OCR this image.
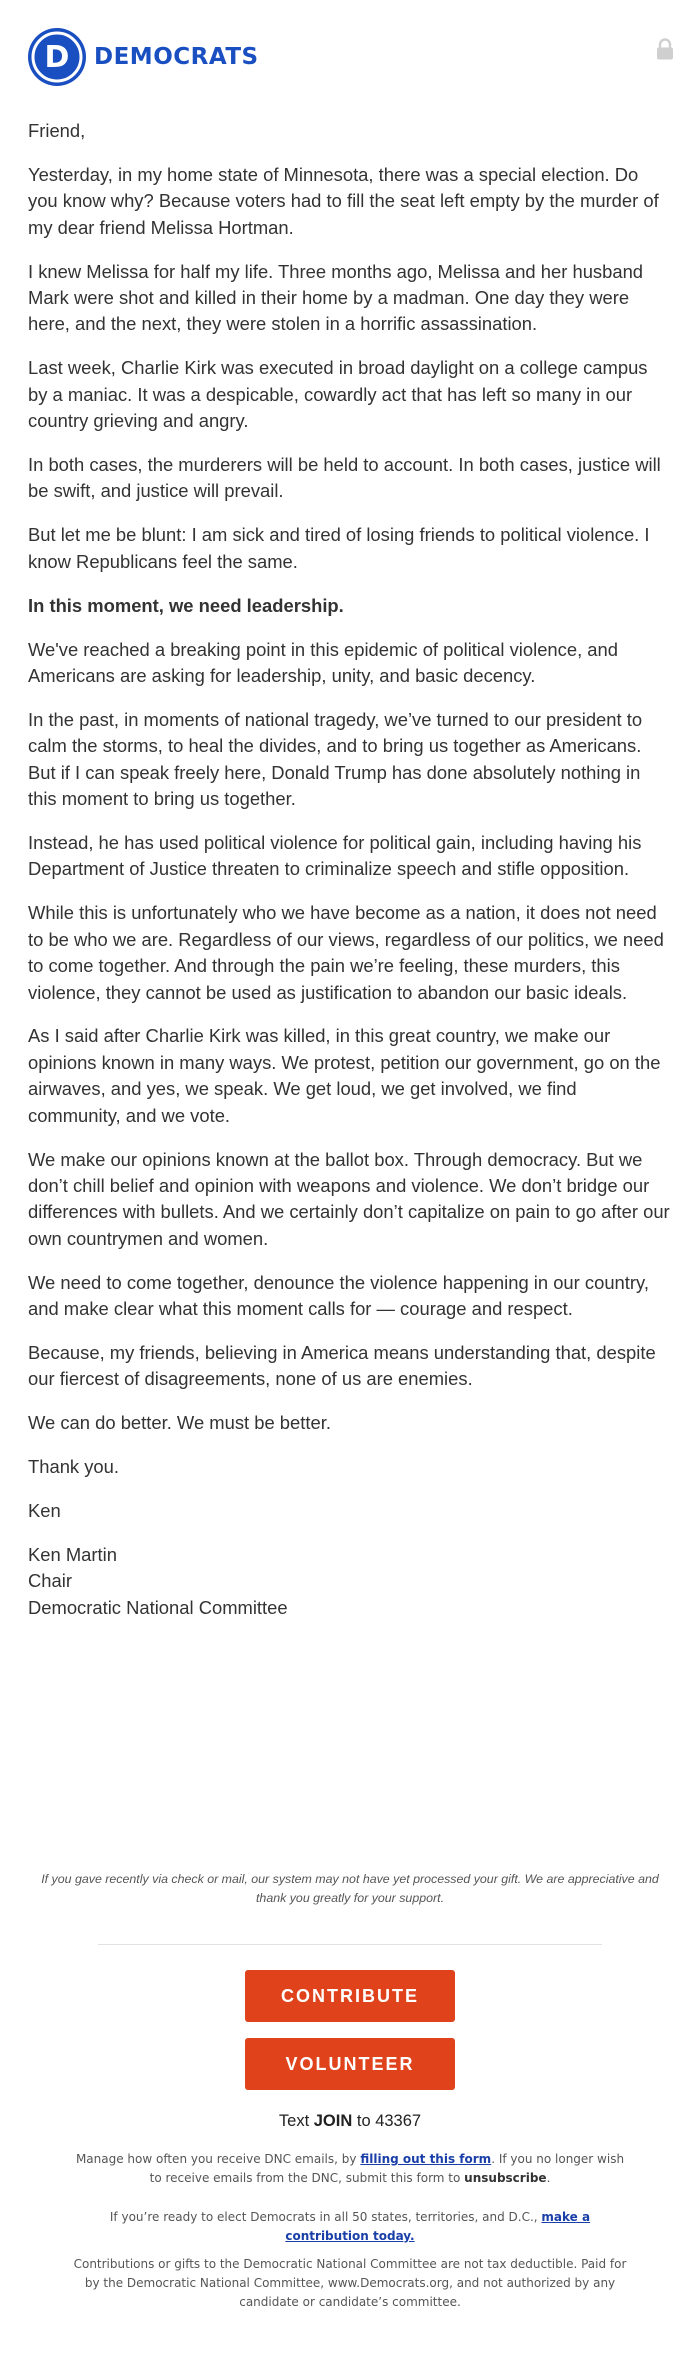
D DEMOCRATS

Friend,

Yesterday, in my home state of Minnesota, there was a special election. Do you know why? Because voters had to fill the seat left empty by the murder of my dear friend Melissa Hortman.

I knew Melissa for half my life. Three months ago, Melissa and her husband Mark were shot and killed in their home by a madman. One day they were here, and the next, they were stolen in a horrific assassination.

Last week, Charlie Kirk was executed in broad daylight on a college campus by a maniac. It was a despicable, cowardly act that has left so many in our country grieving and angry.

In both cases, the murderers will be held to account. In both cases, justice will be swift, and justice will prevail.

But let me be blunt: I am sick and tired of losing friends to political violence. I know Republicans feel the same.

In this moment, we need leadership.

We've reached a breaking point in this epidemic of political violence, and Americans are asking for leadership, unity, and basic decency.

In the past, in moments of national tragedy, we’ve turned to our president to calm the storms, to heal the divides, and to bring us together as Americans. But if I can speak freely here, Donald Trump has done absolutely nothing in this moment to bring us together.

Instead, he has used political violence for political gain, including having his Department of Justice threaten to criminalize speech and stifle opposition.

While this is unfortunately who we have become as a nation, it does not need to be who we are. Regardless of our views, regardless of our politics, we need to come together. And through the pain we’re feeling, these murders, this violence, they cannot be used as justification to abandon our basic ideals.

As I said after Charlie Kirk was killed, in this great country, we make our opinions known in many ways. We protest, petition our government, go on the airwaves, and yes, we speak. We get loud, we get involved, we find community, and we vote.

We make our opinions known at the ballot box. Through democracy. But we don’t chill belief and opinion with weapons and violence. We don’t bridge our differences with bullets. And we certainly don’t capitalize on pain to go after our own countrymen and women.

We need to come together, denounce the violence happening in our country, and make clear what this moment calls for — courage and respect.

Because, my friends, believing in America means understanding that, despite our fiercest of disagreements, none of us are enemies.

We can do better. We must be better.

Thank you.

Ken

Ken Martin

Chair

Democratic National Committee

If you gave recently via check or mail, our system may not have yet processed your gift. We are appreciative and thank you greatly for your support.
CONTRIBUTE
VOLUNTEER
Text JOIN to 43367
Manage how often you receive DNC emails, by filling out this form. If you no longer wish to receive emails from the DNC, submit this form to unsubscribe.
If you’re ready to elect Democrats in all 50 states, territories, and D.C., make a contribution today.
Contributions or gifts to the Democratic National Committee are not tax deductible. Paid for by the Democratic National Committee, www.Democrats.org, and not authorized by any candidate or candidate’s committee.
